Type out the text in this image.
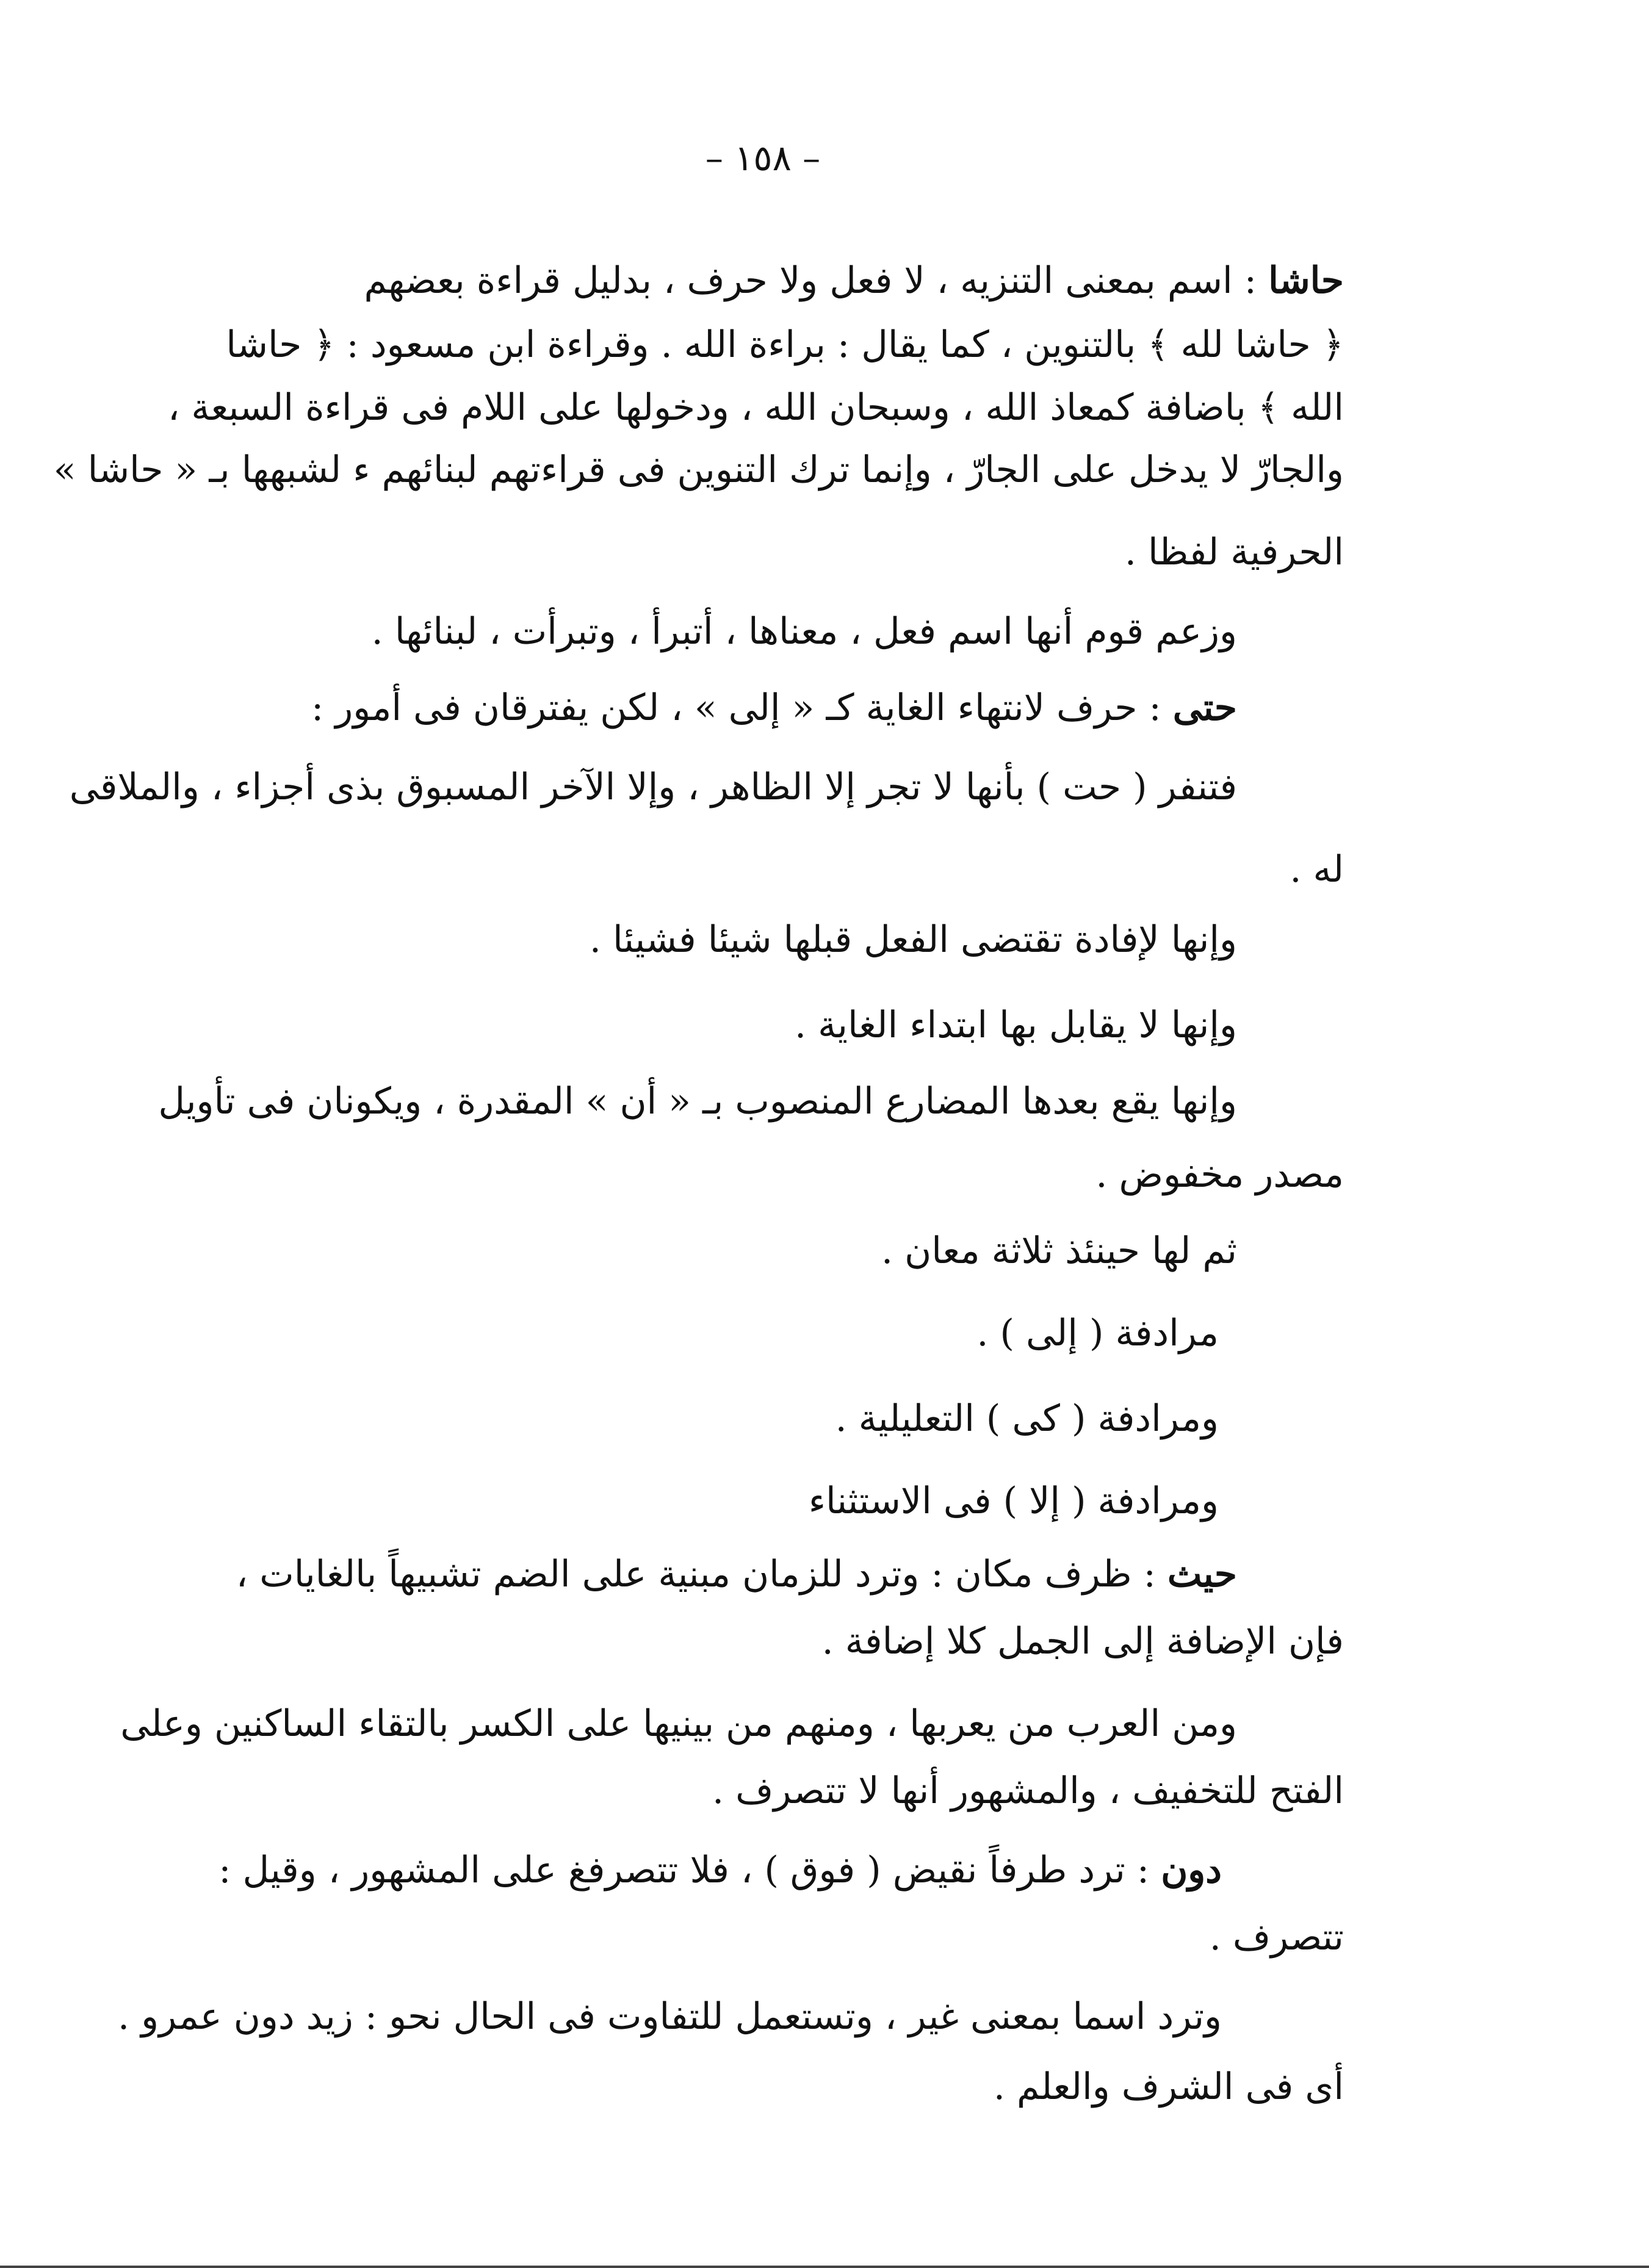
– ١٥٨ –
حاشا : اسم بمعنى التنزيه ، لا فعل ولا حرف ، بدليل قراءة بعضهم
﴿ حاشا لله ﴾ بالتنوين ، كما يقال : براءة الله . وقراءة ابن مسعود : ﴿ حاشا
الله ﴾ باضافة كمعاذ الله ، وسبحان الله ، ودخولها على اللام فى قراءة السبعة ،
والجارّ لا يدخل على الجارّ ، وإنما ترك التنوين فى قراءتهم لبنائهم ء لشبهها بـ « حاشا »
الحرفية لفظا .
وزعم قوم أنها اسم فعل ، معناها ، أتبرأ ، وتبرأت ، لبنائها .
حتى : حرف لانتهاء الغاية كـ « إلى » ، لكن يفترقان فى أمور :
فتنفر ( حت ) بأنها لا تجر إلا الظاهر ، وإلا الآخر المسبوق بذى أجزاء ، والملاقى
له .
وإنها لإفادة تقتضى الفعل قبلها شيئا فشيئا .
وإنها لا يقابل بها ابتداء الغاية .
وإنها يقع بعدها المضارع المنصوب بـ « أن » المقدرة ، ويكونان فى تأويل
مصدر مخفوض .
ثم لها حينئذ ثلاثة معان .
مرادفة ( إلى ) .
ومرادفة ( كى ) التعليلية .
ومرادفة ( إلا ) فى الاستثناء
حيث : ظرف مكان : وترد للزمان مبنية على الضم تشبيهاً بالغايات ،
فإن الإضافة إلى الجمل كلا إضافة .
ومن العرب من يعربها ، ومنهم من بينيها على الكسر بالتقاء الساكنين وعلى
الفتح للتخفيف ، والمشهور أنها لا تتصرف .
دون : ترد طرفاً نقيض ( فوق ) ، فلا تتصرفغ على المشهور ، وقيل :
تتصرف .
وترد اسما بمعنى غير ، وتستعمل للتفاوت فى الحال نحو : زيد دون عمرو .
أى فى الشرف والعلم .
